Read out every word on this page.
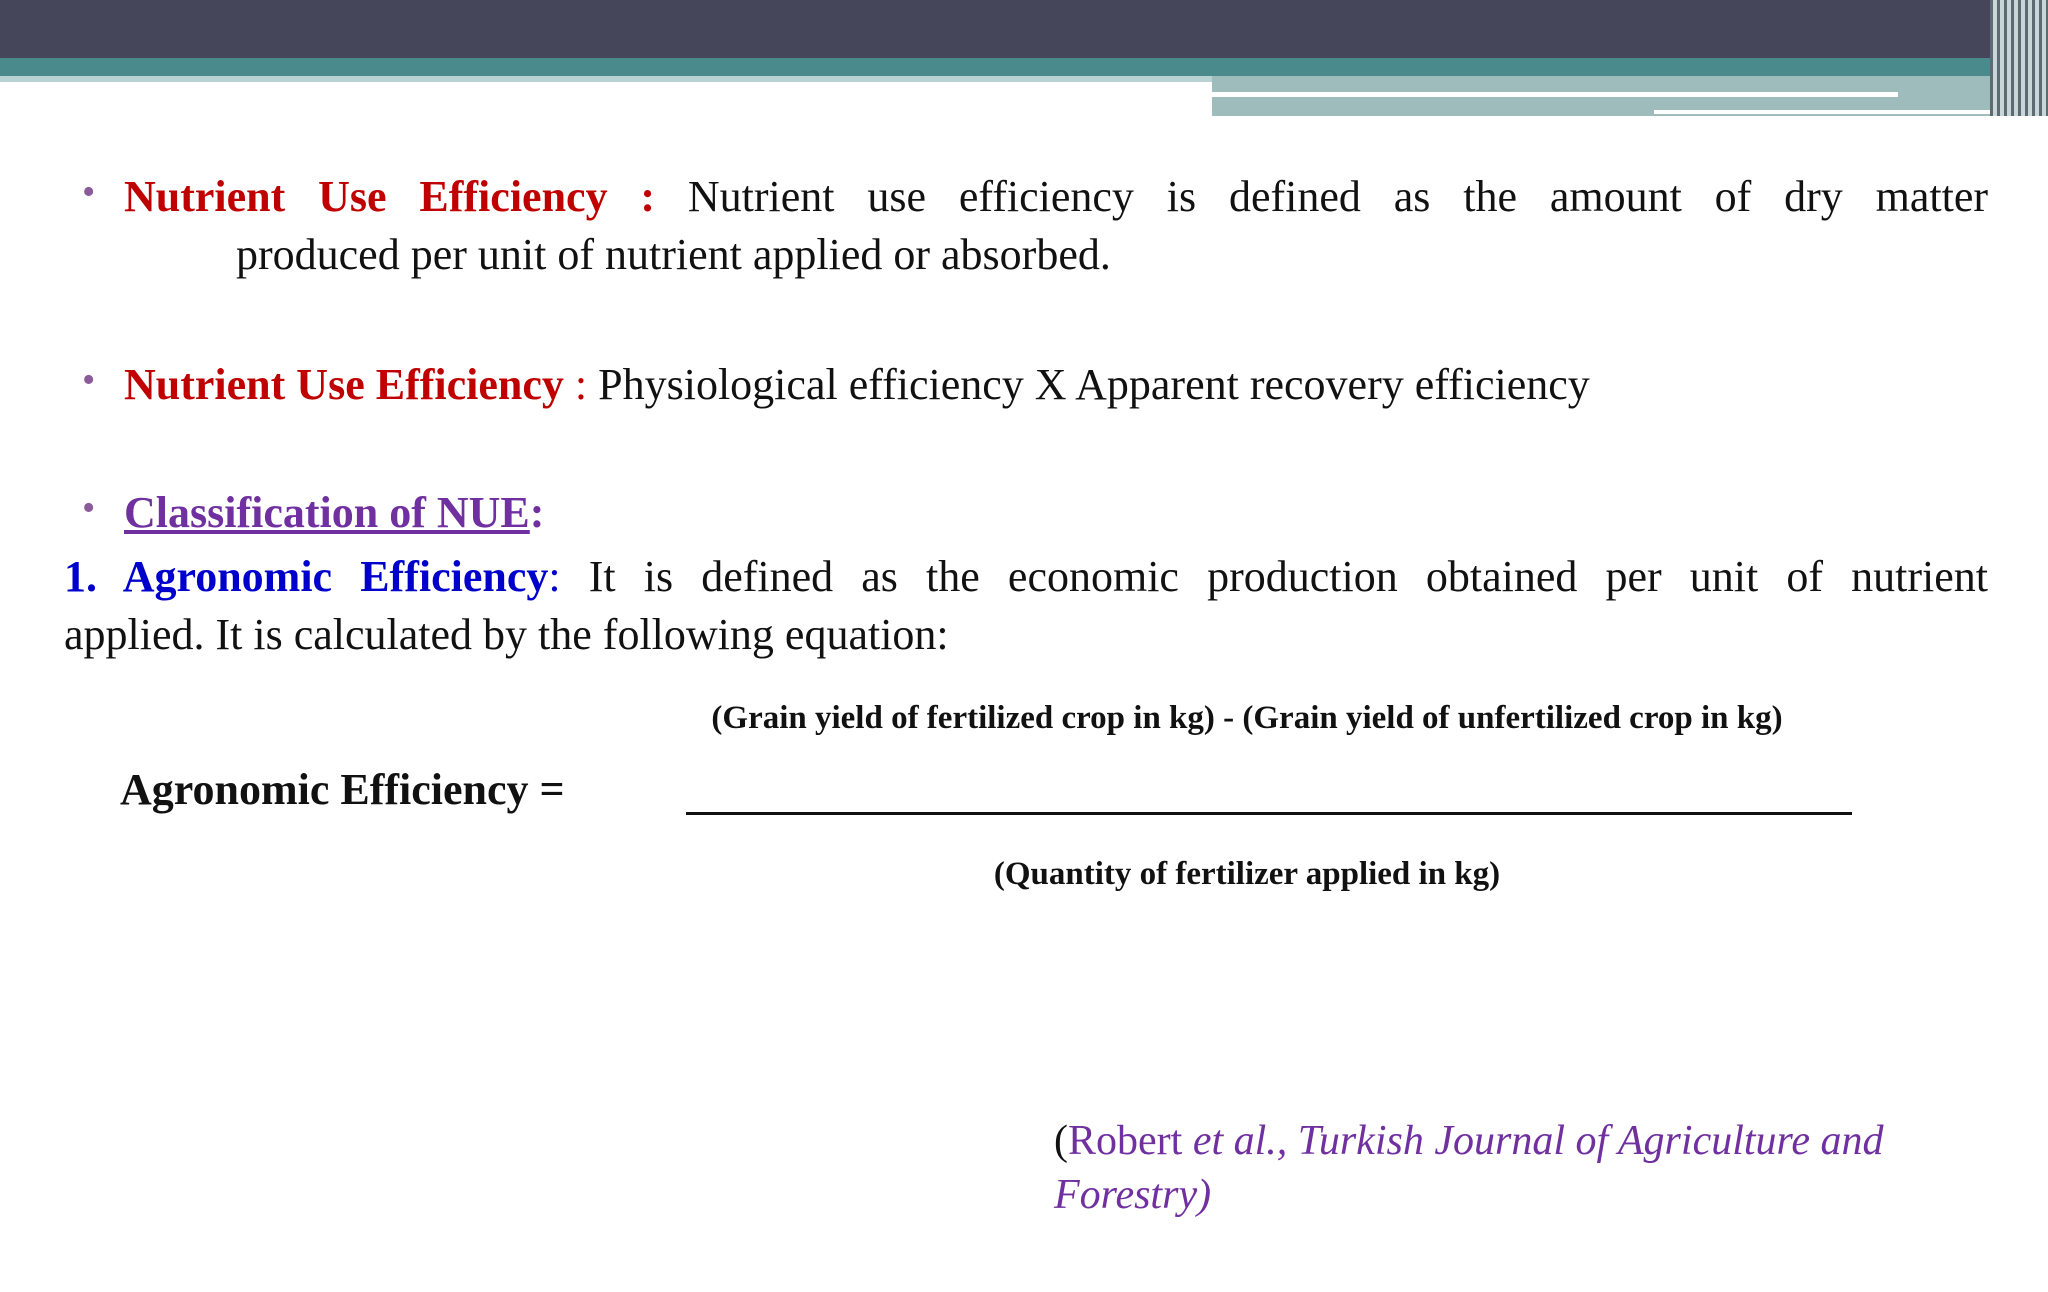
• Nutrient Use Efficiency : Nutrient use efficiency is defined as the amount of dry matter

produced per unit of nutrient applied or absorbed.

• Nutrient Use Efficiency : Physiological efficiency X Apparent recovery efficiency

• Classification of NUE:

1. Agronomic Efficiency: It is defined as the economic production obtained per unit of nutrient

applied. It is calculated by the following equation:

(Grain yield of fertilized crop in kg) - (Grain yield of unfertilized crop in kg)
Agronomic Efficiency =
(Quantity of fertilizer applied in kg)
(Robert et al., Turkish Journal of Agriculture and Forestry)
